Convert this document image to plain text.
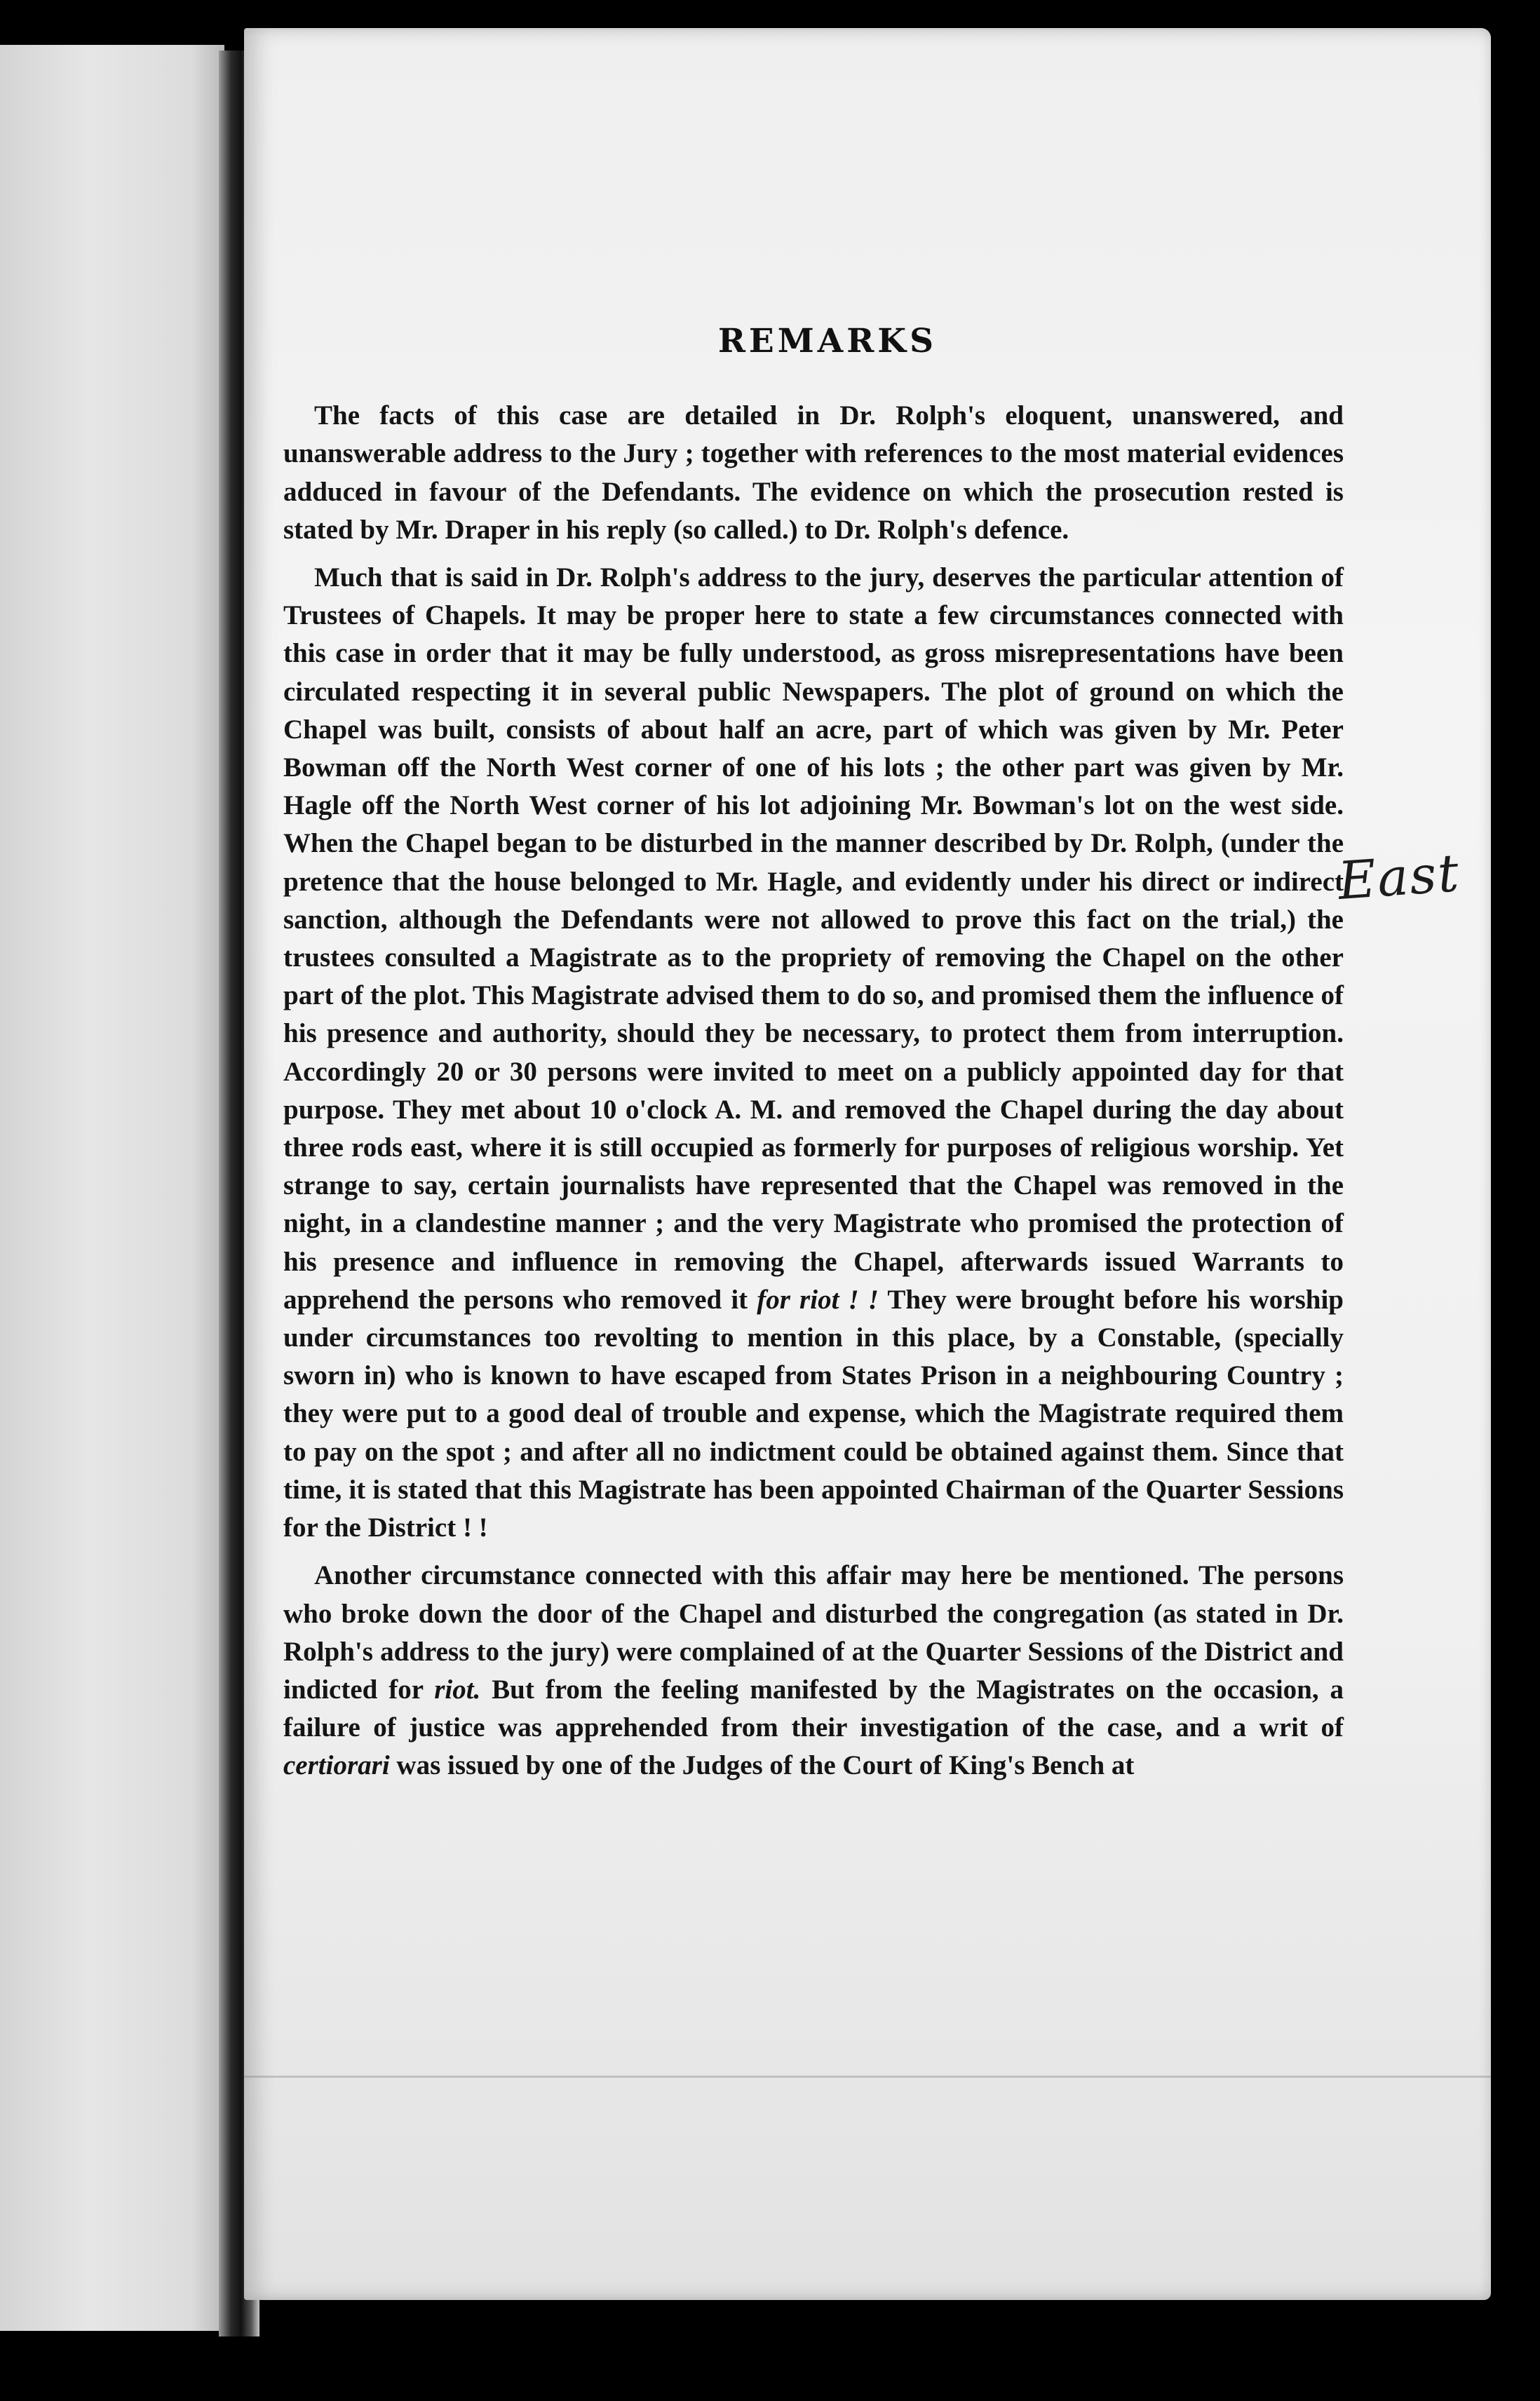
REMARKS

The facts of this case are detailed in Dr. Rolph's eloquent, unanswered, and unanswerable address to the Jury ; together with references to the most material evidences adduced in favour of the Defendants. The evidence on which the prosecution rested is stated by Mr. Draper in his reply (so called.) to Dr. Rolph's defence.

Much that is said in Dr. Rolph's address to the jury, deserves the particular attention of Trustees of Chapels. It may be proper here to state a few circumstances connected with this case in order that it may be fully understood, as gross misrepresentations have been circulated respecting it in several public Newspapers. The plot of ground on which the Chapel was built, consists of about half an acre, part of which was given by Mr. Peter Bowman off the North West corner of one of his lots ; the other part was given by Mr. Hagle off the North West corner of his lot adjoining Mr. Bowman's lot on the west side. When the Chapel began to be disturbed in the manner described by Dr. Rolph, (under the pretence that the house belonged to Mr. Hagle, and evidently under his direct or indirect sanction, although the Defendants were not allowed to prove this fact on the trial,) the trustees consulted a Magistrate as to the propriety of removing the Chapel on the other part of the plot. This Magistrate advised them to do so, and promised them the influence of his presence and authority, should they be necessary, to protect them from interruption. Accordingly 20 or 30 persons were invited to meet on a publicly appointed day for that purpose. They met about 10 o'clock A. M. and removed the Chapel during the day about three rods east, where it is still occupied as formerly for purposes of religious worship. Yet strange to say, certain journalists have represented that the Chapel was removed in the night, in a clandestine manner ; and the very Magistrate who promised the protection of his presence and influence in removing the Chapel, afterwards issued Warrants to apprehend the persons who removed it for riot ! ! They were brought before his worship under circumstances too revolting to mention in this place, by a Constable, (specially sworn in) who is known to have escaped from States Prison in a neighbouring Country ; they were put to a good deal of trouble and expense, which the Magistrate required them to pay on the spot ; and after all no indictment could be obtained against them. Since that time, it is stated that this Magistrate has been appointed Chairman of the Quarter Sessions for the District ! !

Another circumstance connected with this affair may here be mentioned. The persons who broke down the door of the Chapel and disturbed the congregation (as stated in Dr. Rolph's address to the jury) were complained of at the Quarter Sessions of the District and indicted for riot. But from the feeling manifested by the Magistrates on the occasion, a failure of justice was apprehended from their investigation of the case, and a writ of certiorari was issued by one of the Judges of the Court of King's Bench at

East
